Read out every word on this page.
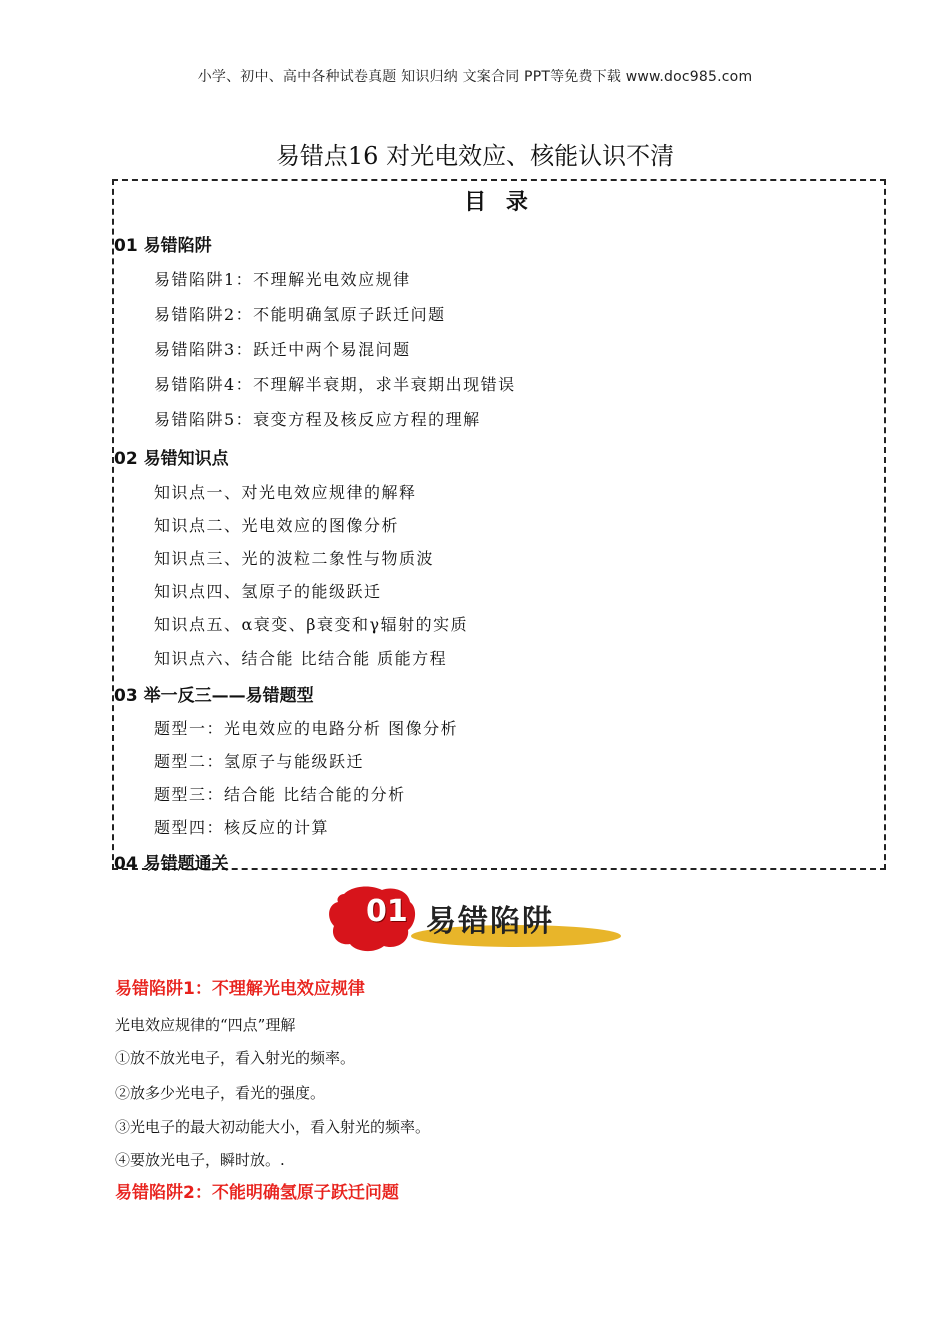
小学、初中、高中各种试卷真题 知识归纳 文案合同 PPT等免费下载 www.doc985.com
易错点16 对光电效应、核能认识不清
目 录
01 易错陷阱
易错陷阱1：不理解光电效应规律
易错陷阱2：不能明确氢原子跃迁问题
易错陷阱3：跃迁中两个易混问题
易错陷阱4：不理解半衰期，求半衰期出现错误
易错陷阱5：衰变方程及核反应方程的理解
02 易错知识点
知识点一、对光电效应规律的解释
知识点二、光电效应的图像分析
知识点三、光的波粒二象性与物质波
知识点四、氢原子的能级跃迁
知识点五、α衰变、β衰变和γ辐射的实质
知识点六、结合能 比结合能 质能方程
03 举一反三——易错题型
题型一：光电效应的电路分析 图像分析
题型二：氢原子与能级跃迁
题型三：结合能 比结合能的分析
题型四：核反应的计算
04 易错题通关
01 易错陷阱
易错陷阱1：不理解光电效应规律
光电效应规律的“四点”理解
①放不放光电子，看入射光的频率。
②放多少光电子，看光的强度。
③光电子的最大初动能大小，看入射光的频率。
④要放光电子，瞬时放。.
易错陷阱2：不能明确氢原子跃迁问题
